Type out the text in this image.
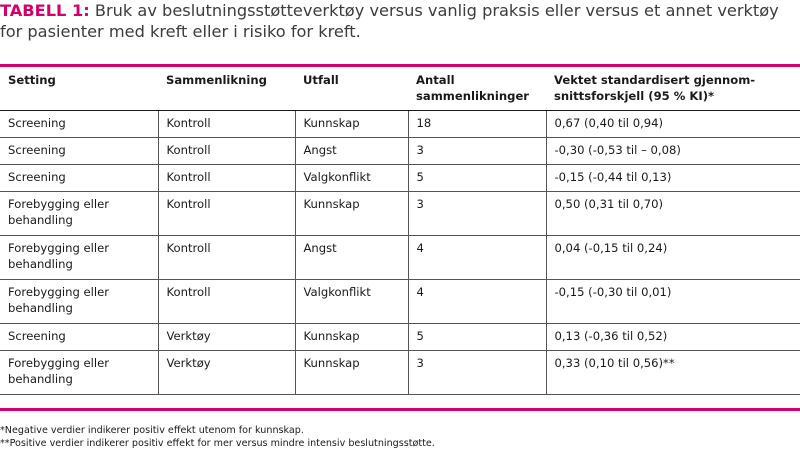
TABELL 1: Bruk av beslutningsstøtteverktøy versus vanlig praksis eller versus et annet verktøy for pasienter med kreft eller i risiko for kreft.
Setting	Sammenlikning	Utfall	Antall sammenlikninger	Vektet standardisert gjennom-snittsforskjell (95 % KI)*
Screening	Kontroll	Kunnskap	18	0,67 (0,40 til 0,94)
Screening	Kontroll	Angst	3	-0,30 (-0,53 til – 0,08)
Screening	Kontroll	Valgkonflikt	5	-0,15 (-0,44 til 0,13)
Forebygging eller behandling	Kontroll	Kunnskap	3	0,50 (0,31 til 0,70)
Forebygging eller behandling	Kontroll	Angst	4	0,04 (-0,15 til 0,24)
Forebygging eller behandling	Kontroll	Valgkonflikt	4	-0,15 (-0,30 til 0,01)
Screening	Verktøy	Kunnskap	5	0,13 (-0,36 til 0,52)
Forebygging eller behandling	Verktøy	Kunnskap	3	0,33 (0,10 til 0,56)**
*Negative verdier indikerer positiv effekt utenom for kunnskap.
**Positive verdier indikerer positiv effekt for mer versus mindre intensiv beslutningsstøtte.
